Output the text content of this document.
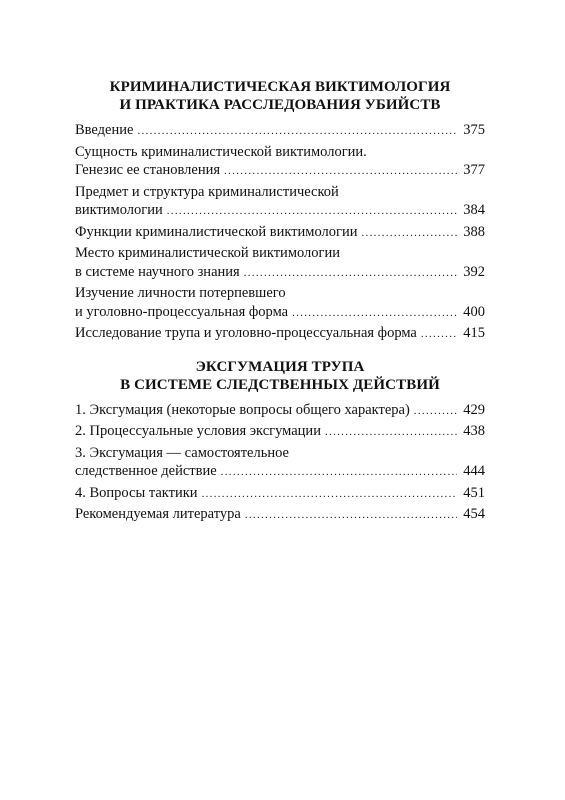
КРИМИНАЛИСТИЧЕСКАЯ ВИКТИМОЛОГИЯ
И ПРАКТИКА РАССЛЕДОВАНИЯ УБИЙСТВ
Введение .....	375
Сущность криминалистической виктимологии.
Генезис ее становления .....	377
Предмет и структура криминалистической
виктимологии .....	384
Функции криминалистической виктимологии .....	388
Место криминалистической виктимологии
в системе научного знания .....	392
Изучение личности потерпевшего
и уголовно-процессуальная форма .....	400
Исследование трупа и уголовно-процессуальная форма .....	415
ЭКСГУМАЦИЯ ТРУПА
В СИСТЕМЕ СЛЕДСТВЕННЫХ ДЕЙСТВИЙ
1. Эксгумация (некоторые вопросы общего характера) .....	429
2. Процессуальные условия эксгумации .....	438
3. Эксгумация — самостоятельное
следственное действие .....	444
4. Вопросы тактики .....	451
Рекомендуемая литература .....	454
